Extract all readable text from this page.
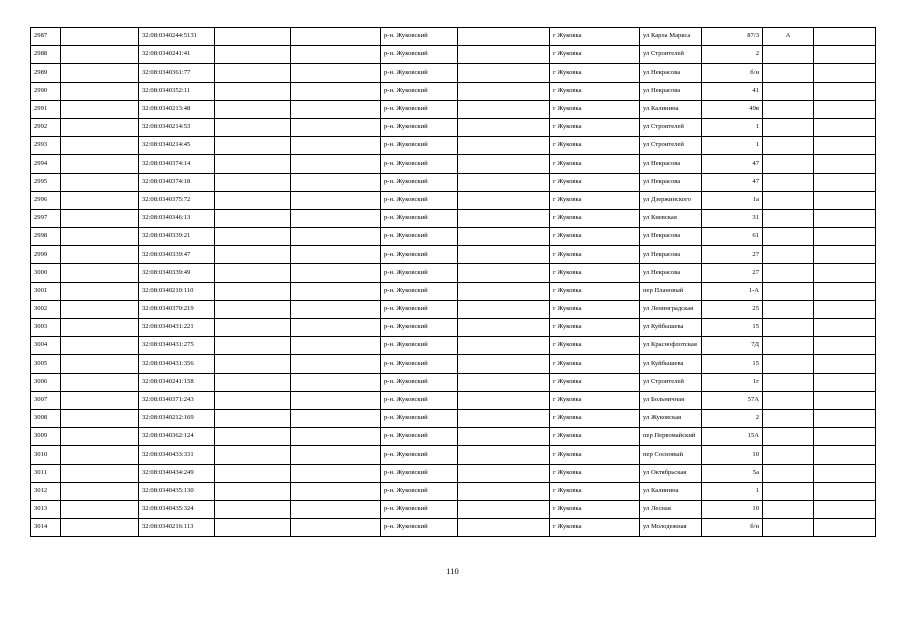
2987		32:08:0340244:5131			р-н. Жуковский		г Жуковка	ул Карла Маркса	87/3	А	
2988		32:08:0340241:41			р-н. Жуковский		г Жуковка	ул Строителей	2		
2989		32:08:0340361:77			р-н. Жуковский		г Жуковка	ул Некрасова	б/н		
2990		32:08:0340352:11			р-н. Жуковский		г Жуковка	ул Некрасова	41		
2991		32:08:0340213:48			р-н. Жуковский		г Жуковка	ул Калинина	49в		
2992		32:08:0340214:53			р-н. Жуковский		г Жуковка	ул Строителей	1		
2993		32:08:0340214:45			р-н. Жуковский		г Жуковка	ул Строителей	1		
2994		32:08:0340374:14			р-н. Жуковский		г Жуковка	ул Некрасова	47		
2995		32:08:0340374:18			р-н. Жуковский		г Жуковка	ул Некрасова	47		
2996		32:08:0340375:72			р-н. Жуковский		г Жуковка	ул Дзержинского	1а		
2997		32:08:0340346:13			р-н. Жуковский		г Жуковка	ул Киевская	31		
2998		32:08:0340339:21			р-н. Жуковский		г Жуковка	ул Некрасова	61		
2999		32:08:0340339:47			р-н. Жуковский		г Жуковка	ул Некрасова	27		
3000		32:08:0340339:49			р-н. Жуковский		г Жуковка	ул Некрасова	27		
3001		32:08:0340210:110			р-н. Жуковский		г Жуковка	пер Плановый	1-А		
3002		32:08:0340370:219			р-н. Жуковский		г Жуковка	ул Ленинградская	25		
3003		32:08:0340431:221			р-н. Жуковский		г Жуковка	ул Куйбышева	15		
3004		32:08:0340431:275			р-н. Жуковский		г Жуковка	ул Краснофлотская	7Д		
3005		32:08:0340431:356			р-н. Жуковский		г Жуковка	ул Куйбышева	15		
3006		32:08:0340241:158			р-н. Жуковский		г Жуковка	ул Строителей	1г		
3007		32:08:0340371:243			р-н. Жуковский		г Жуковка	ул Больничная	57А		
3008		32:08:0340212:169			р-н. Жуковский		г Жуковка	ул Жуковская	2		
3009		32:08:0340362:124			р-н. Жуковский		г Жуковка	пер Первомайский	15А		
3010		32:08:0340433:331			р-н. Жуковский		г Жуковка	пер Сосновый	10		
3011		32:08:0340434:249			р-н. Жуковский		г Жуковка	ул Октябрьская	5а		
3012		32:08:0340435:130			р-н. Жуковский		г Жуковка	ул Калинина	1		
3013		32:08:0340435:324			р-н. Жуковский		г Жуковка	ул Лесная	10		
3014		32:08:0340216:113			р-н. Жуковский		г Жуковка	ул Молодежная	б/н		
110
